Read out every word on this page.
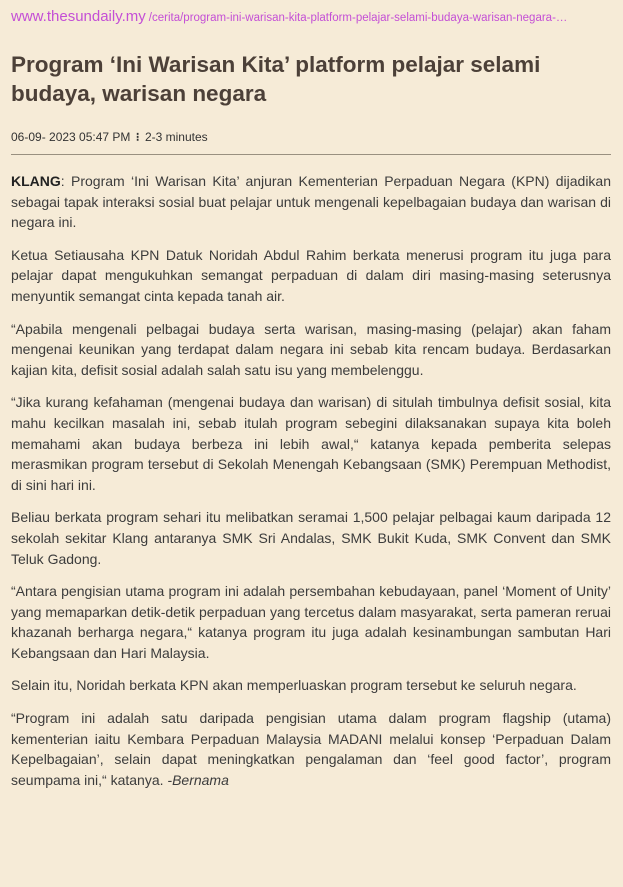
www.thesundaily.my /cerita/program-ini-warisan-kita-platform-pelajar-selami-budaya-warisan-negara-…
Program ‘Ini Warisan Kita’ platform pelajar selami budaya, warisan negara
06-09- 2023 05:47 PM ⁝ 2-3 minutes

KLANG: Program ‘Ini Warisan Kita’ anjuran Kementerian Perpaduan Negara (KPN) dijadikan sebagai tapak interaksi sosial buat pelajar untuk mengenali kepelbagaian budaya dan warisan di negara ini.

Ketua Setiausaha KPN Datuk Noridah Abdul Rahim berkata menerusi program itu juga para pelajar dapat mengukuhkan semangat perpaduan di dalam diri masing-masing seterusnya menyuntik semangat cinta kepada tanah air.

“Apabila mengenali pelbagai budaya serta warisan, masing-masing (pelajar) akan faham mengenai keunikan yang terdapat dalam negara ini sebab kita rencam budaya. Berdasarkan kajian kita, defisit sosial adalah salah satu isu yang membelenggu.

“Jika kurang kefahaman (mengenai budaya dan warisan) di situlah timbulnya defisit sosial, kita mahu kecilkan masalah ini, sebab itulah program sebegini dilaksanakan supaya kita boleh memahami akan budaya berbeza ini lebih awal,“ katanya kepada pemberita selepas merasmikan program tersebut di Sekolah Menengah Kebangsaan (SMK) Perempuan Methodist, di sini hari ini.

Beliau berkata program sehari itu melibatkan seramai 1,500 pelajar pelbagai kaum daripada 12 sekolah sekitar Klang antaranya SMK Sri Andalas, SMK Bukit Kuda, SMK Convent dan SMK Teluk Gadong.

“Antara pengisian utama program ini adalah persembahan kebudayaan, panel ‘Moment of Unity’ yang memaparkan detik-detik perpaduan yang tercetus dalam masyarakat, serta pameran reruai khazanah berharga negara,“ katanya program itu juga adalah kesinambungan sambutan Hari Kebangsaan dan Hari Malaysia.

Selain itu, Noridah berkata KPN akan memperluaskan program tersebut ke seluruh negara.

“Program ini adalah satu daripada pengisian utama dalam program flagship (utama) kementerian iaitu Kembara Perpaduan Malaysia MADANI melalui konsep ‘Perpaduan Dalam Kepelbagaian’, selain dapat meningkatkan pengalaman dan ‘feel good factor’, program seumpama ini,“ katanya. -Bernama
